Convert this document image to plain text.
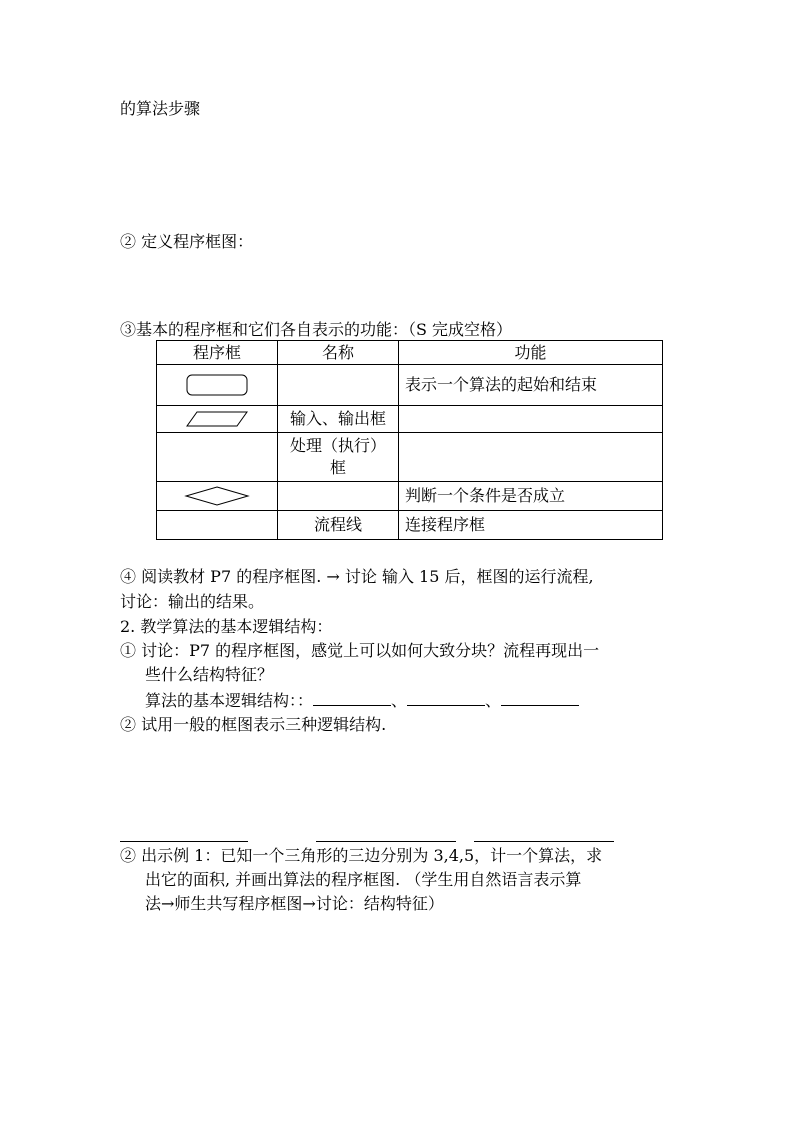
的算法步骤
② 定义程序框图：
③基本的程序框和它们各自表示的功能：（S 完成空格）
程序框	名称	功能

		表示一个算法的起始和结束

	输入、输出框	
	处理（执行）框	

		判断一个条件是否成立
	流程线	连接程序框
④ 阅读教材 P7 的程序框图. → 讨论 输入 15 后，框图的运行流程,
讨论：输出的结果。
2. 教学算法的基本逻辑结构：
① 讨论：P7 的程序框图，感觉上可以如何大致分块？流程再现出一
些什么结构特征？
算法的基本逻辑结构：：	、	、
② 试用一般的框图表示三种逻辑结构.
② 出示例 1：已知一个三角形的三边分别为 3,4,5，计一个算法，求
出它的面积, 并画出算法的程序框图. （学生用自然语言表示算
法→师生共写程序框图→讨论：结构特征）
